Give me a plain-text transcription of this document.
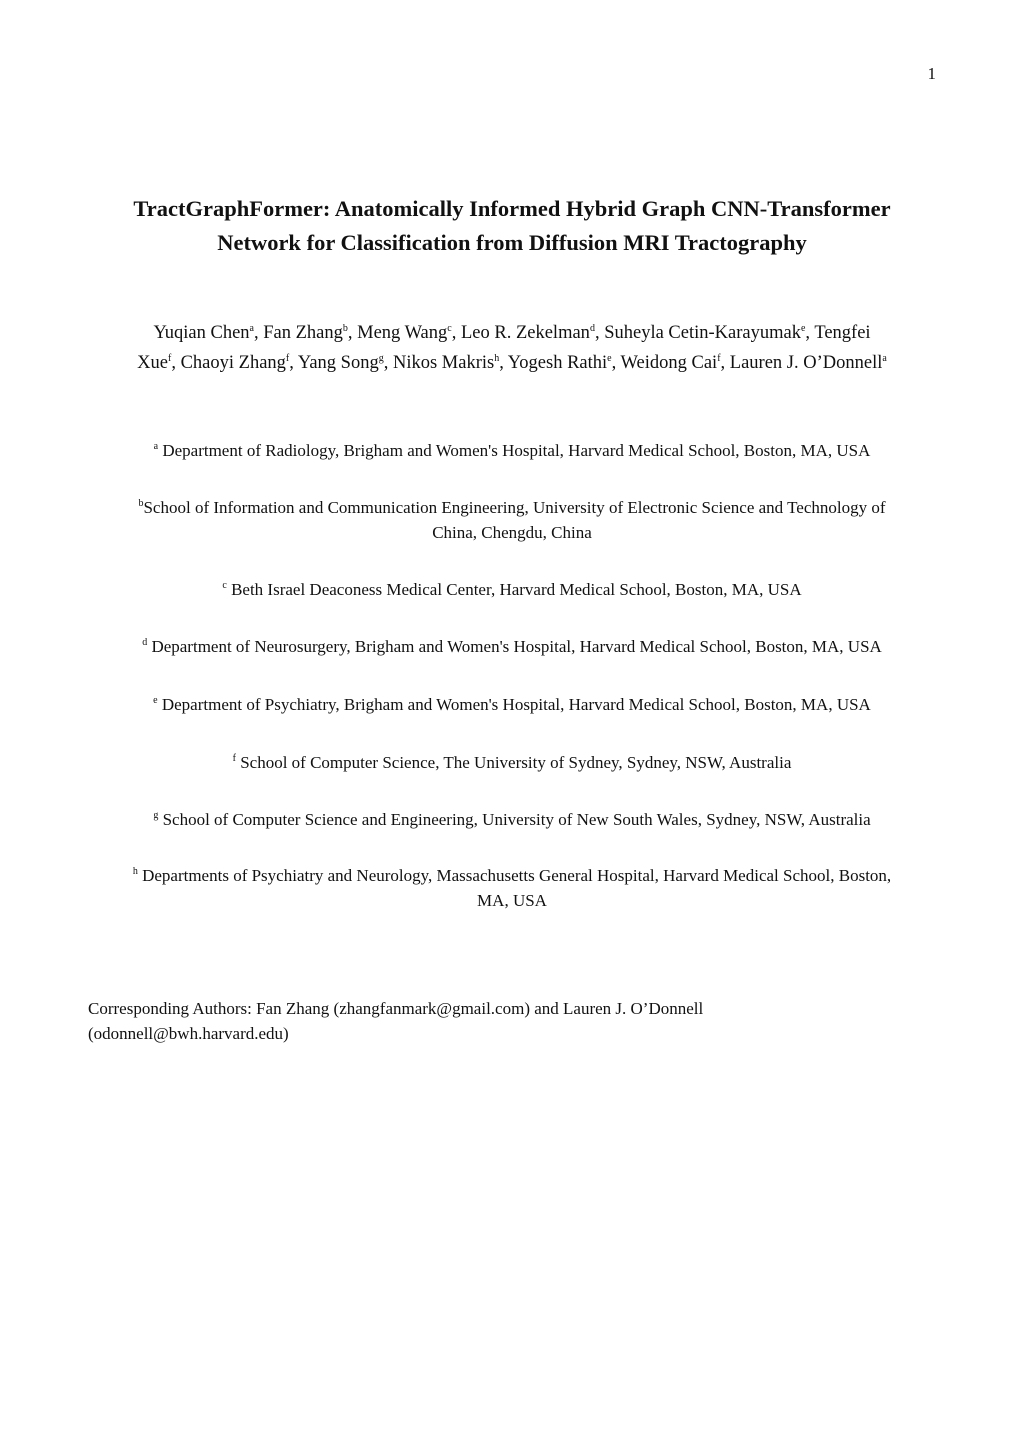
1
TractGraphFormer: Anatomically Informed Hybrid Graph CNN-Transformer
Network for Classification from Diffusion MRI Tractography
Yuqian Chen$^a$, Fan Zhang$^b$, Meng Wang$^c$, Leo R. Zekelman$^d$, Suheyla Cetin-Karayumak$^e$, Tengfei
Xue$^f$, Chaoyi Zhang$^f$, Yang Song$^g$, Nikos Makris$^h$, Yogesh Rathi$^e$, Weidong Cai$^f$, Lauren J. O’Donnell$^a$
$^a$ Department of Radiology, Brigham and Women's Hospital, Harvard Medical School, Boston, MA, USA
$^b$School of Information and Communication Engineering, University of Electronic Science and Technology of
China, Chengdu, China
$^c$ Beth Israel Deaconess Medical Center, Harvard Medical School, Boston, MA, USA
$^d$ Department of Neurosurgery, Brigham and Women's Hospital, Harvard Medical School, Boston, MA, USA
$^e$ Department of Psychiatry, Brigham and Women's Hospital, Harvard Medical School, Boston, MA, USA
$^f$ School of Computer Science, The University of Sydney, Sydney, NSW, Australia
$^g$ School of Computer Science and Engineering, University of New South Wales, Sydney, NSW, Australia
$^h$ Departments of Psychiatry and Neurology, Massachusetts General Hospital, Harvard Medical School, Boston,
MA, USA
Corresponding Authors: Fan Zhang (zhangfanmark@gmail.com) and Lauren J. O’Donnell
(odonnell@bwh.harvard.edu)
